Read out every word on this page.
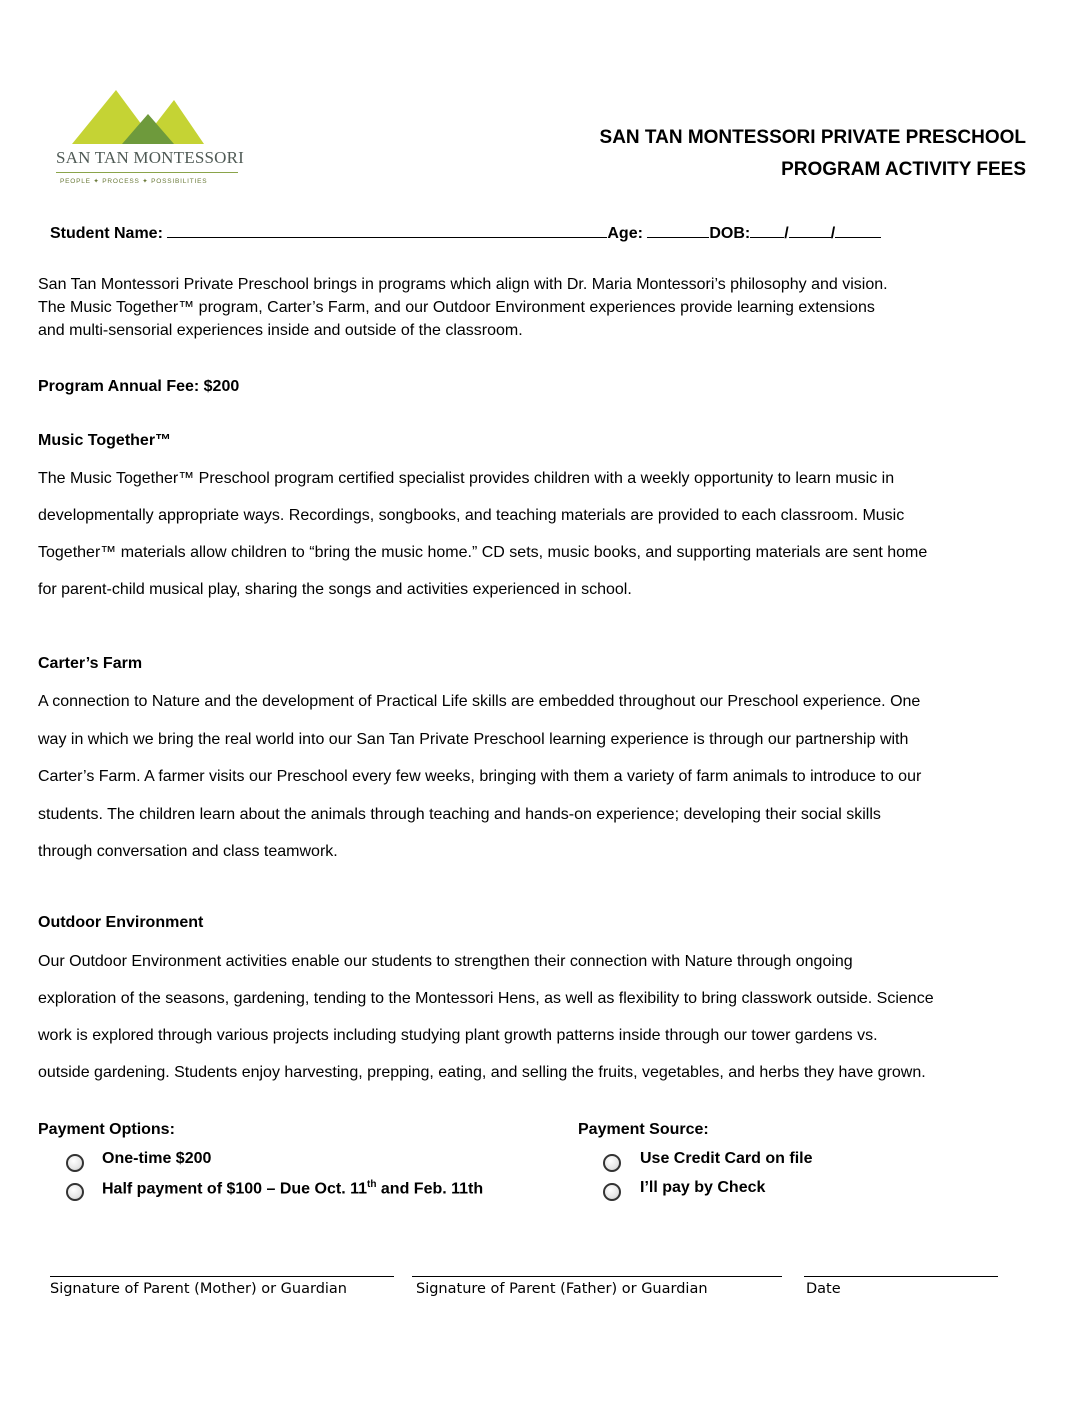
SAN TAN MONTESSORI
PEOPLE ✦ PROCESS ✦ POSSIBILITIES
SAN TAN MONTESSORI PRIVATE PRESCHOOL
PROGRAM ACTIVITY FEES
Student Name:	Age:	DOB: /	/
San Tan Montessori Private Preschool brings in programs which align with Dr. Maria Montessori’s philosophy and vision.
The Music Together™ program, Carter’s Farm, and our Outdoor Environment experiences provide learning extensions
and multi-sensorial experiences inside and outside of the classroom.
Program Annual Fee: $200
Music Together™
The Music Together™ Preschool program certified specialist provides children with a weekly opportunity to learn music in
developmentally appropriate ways. Recordings, songbooks, and teaching materials are provided to each classroom. Music
Together™ materials allow children to “bring the music home.” CD sets, music books, and supporting materials are sent home
for parent-child musical play, sharing the songs and activities experienced in school.
Carter’s Farm
A connection to Nature and the development of Practical Life skills are embedded throughout our Preschool experience. One
way in which we bring the real world into our San Tan Private Preschool learning experience is through our partnership with
Carter’s Farm. A farmer visits our Preschool every few weeks, bringing with them a variety of farm animals to introduce to our
students. The children learn about the animals through teaching and hands-on experience; developing their social skills
through conversation and class teamwork.
Outdoor Environment
Our Outdoor Environment activities enable our students to strengthen their connection with Nature through ongoing
exploration of the seasons, gardening, tending to the Montessori Hens, as well as flexibility to bring classwork outside. Science
work is explored through various projects including studying plant growth patterns inside through our tower gardens vs.
outside gardening. Students enjoy harvesting, prepping, eating, and selling the fruits, vegetables, and herbs they have grown.
Payment Options:	Payment Source:
One-time $200
Half payment of $100 – Due Oct. 11th and Feb. 11th
Use Credit Card on file
I’ll pay by Check
Signature of Parent (Mother) or Guardian	Signature of Parent (Father) or Guardian	Date
